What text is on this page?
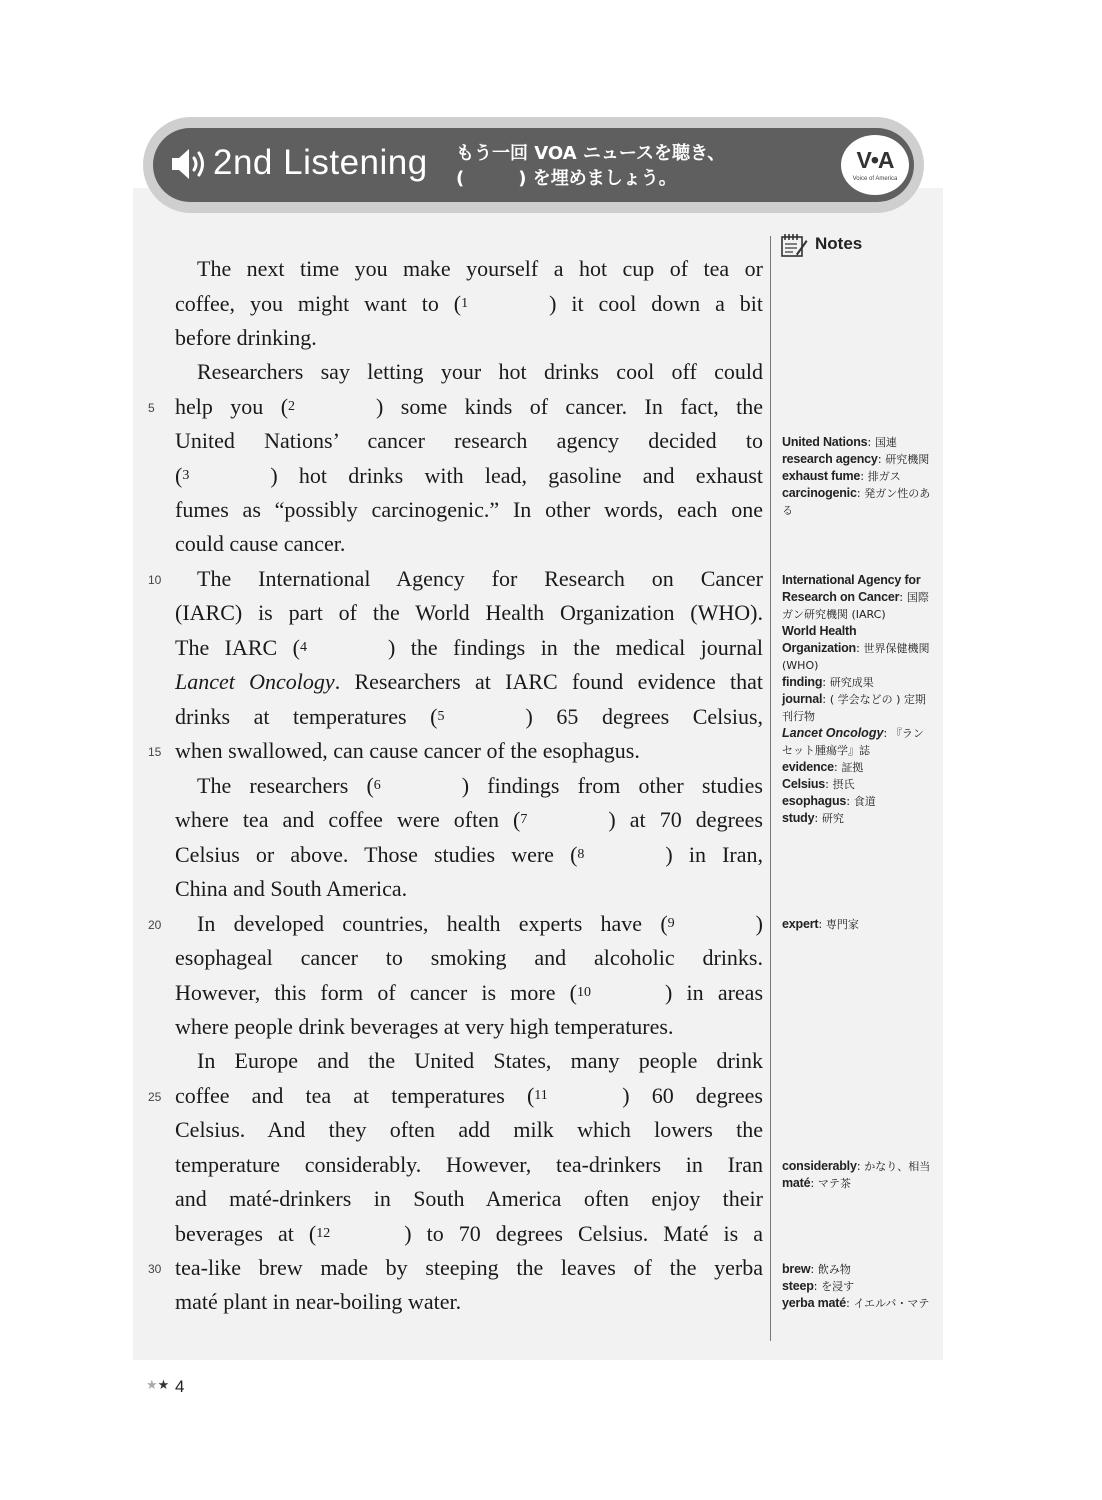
2nd Listening もう一回 VOA ニュースを聴き、
(　　　) を埋めましょう。
V•A
Voice of America
Notes
The next time you make yourself a hot cup of tea or
coffee, you might want to ($^1$	) it cool down a bit
before drinking.
Researchers say letting your hot drinks cool off could
help you ($^2$	) some kinds of cancer. In fact, the
5
United Nations’ cancer research agency decided to
($^3$	) hot drinks with lead, gasoline and exhaust
fumes as “possibly carcinogenic.” In other words, each one
could cause cancer.
The International Agency for Research on Cancer
10
(IARC) is part of the World Health Organization (WHO).
The IARC ($^4$	) the findings in the medical journal
Lancet Oncology. Researchers at IARC found evidence that
drinks at temperatures ($^5$	) 65 degrees Celsius,
when swallowed, can cause cancer of the esophagus.
15
The researchers ($^6$	) findings from other studies
where tea and coffee were often ($^7$	) at 70 degrees
Celsius or above. Those studies were ($^8$	) in Iran,
China and South America.
In developed countries, health experts have ($^9$	)
20
esophageal cancer to smoking and alcoholic drinks.
However, this form of cancer is more ($^{10}$	) in areas
where people drink beverages at very high temperatures.
In Europe and the United States, many people drink
coffee and tea at temperatures ($^{11}$	) 60 degrees
25
Celsius. And they often add milk which lowers the
temperature considerably. However, tea-drinkers in Iran
and maté-drinkers in South America often enjoy their
beverages at ($^{12}$	) to 70 degrees Celsius. Maté is a
tea-like brew made by steeping the leaves of the yerba
30
maté plant in near-boiling water.
United Nations: 国連
research agency: 研究機関
exhaust fume: 排ガス
carcinogenic: 発ガン性のある
International Agency for Research on Cancer: 国際ガン研究機関 (IARC)
World Health Organization: 世界保健機関 (WHO)
finding: 研究成果
journal: ( 学会などの ) 定期刊行物
Lancet Oncology: 『ランセット腫瘍学』誌
evidence: 証拠
Celsius: 摂氏
esophagus: 食道
study: 研究
expert: 専門家
considerably: かなり、相当
maté: マテ茶
brew: 飲み物
steep: を浸す
yerba maté: イエルバ・マテ
★★ 4
